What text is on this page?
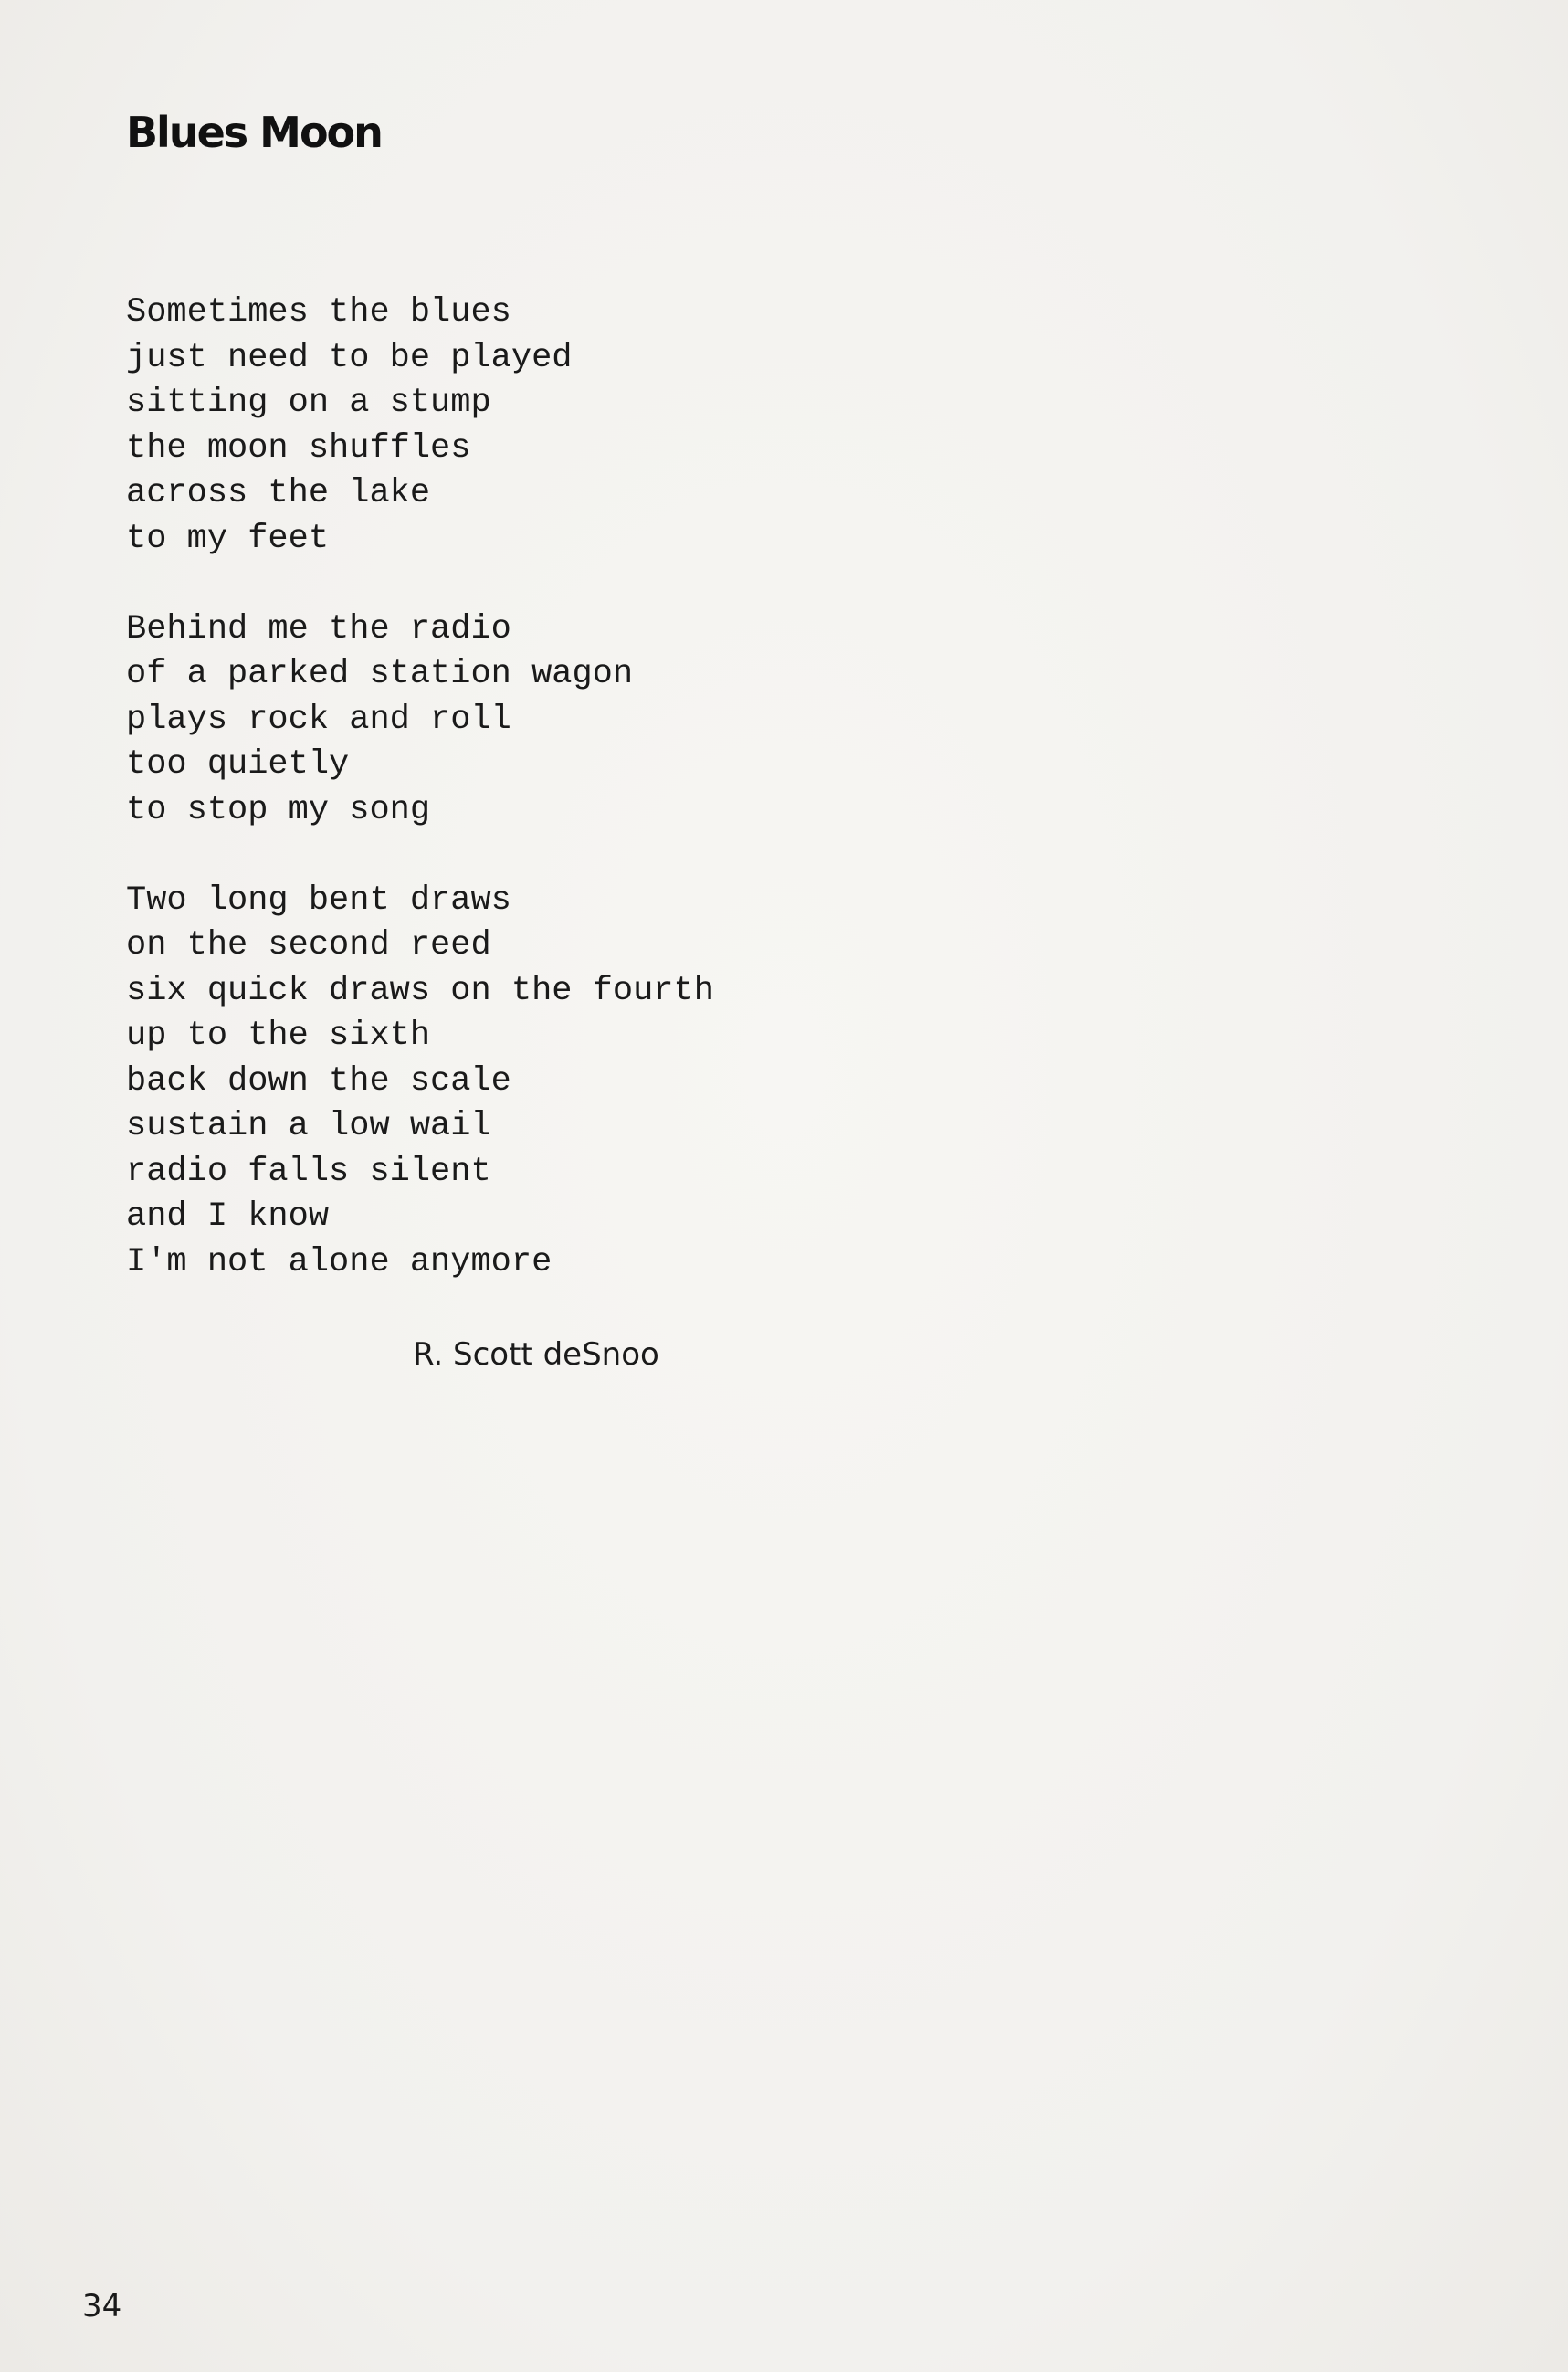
Blues Moon
Sometimes the blues
just need to be played
sitting on a stump
the moon shuffles
across the lake
to my feet
Behind me the radio
of a parked station wagon
plays rock and roll
too quietly
to stop my song
Two long bent draws
on the second reed
six quick draws on the fourth
up to the sixth
back down the scale
sustain a low wail
radio falls silent
and I know
I'm not alone anymore
R. Scott deSnoo
34
